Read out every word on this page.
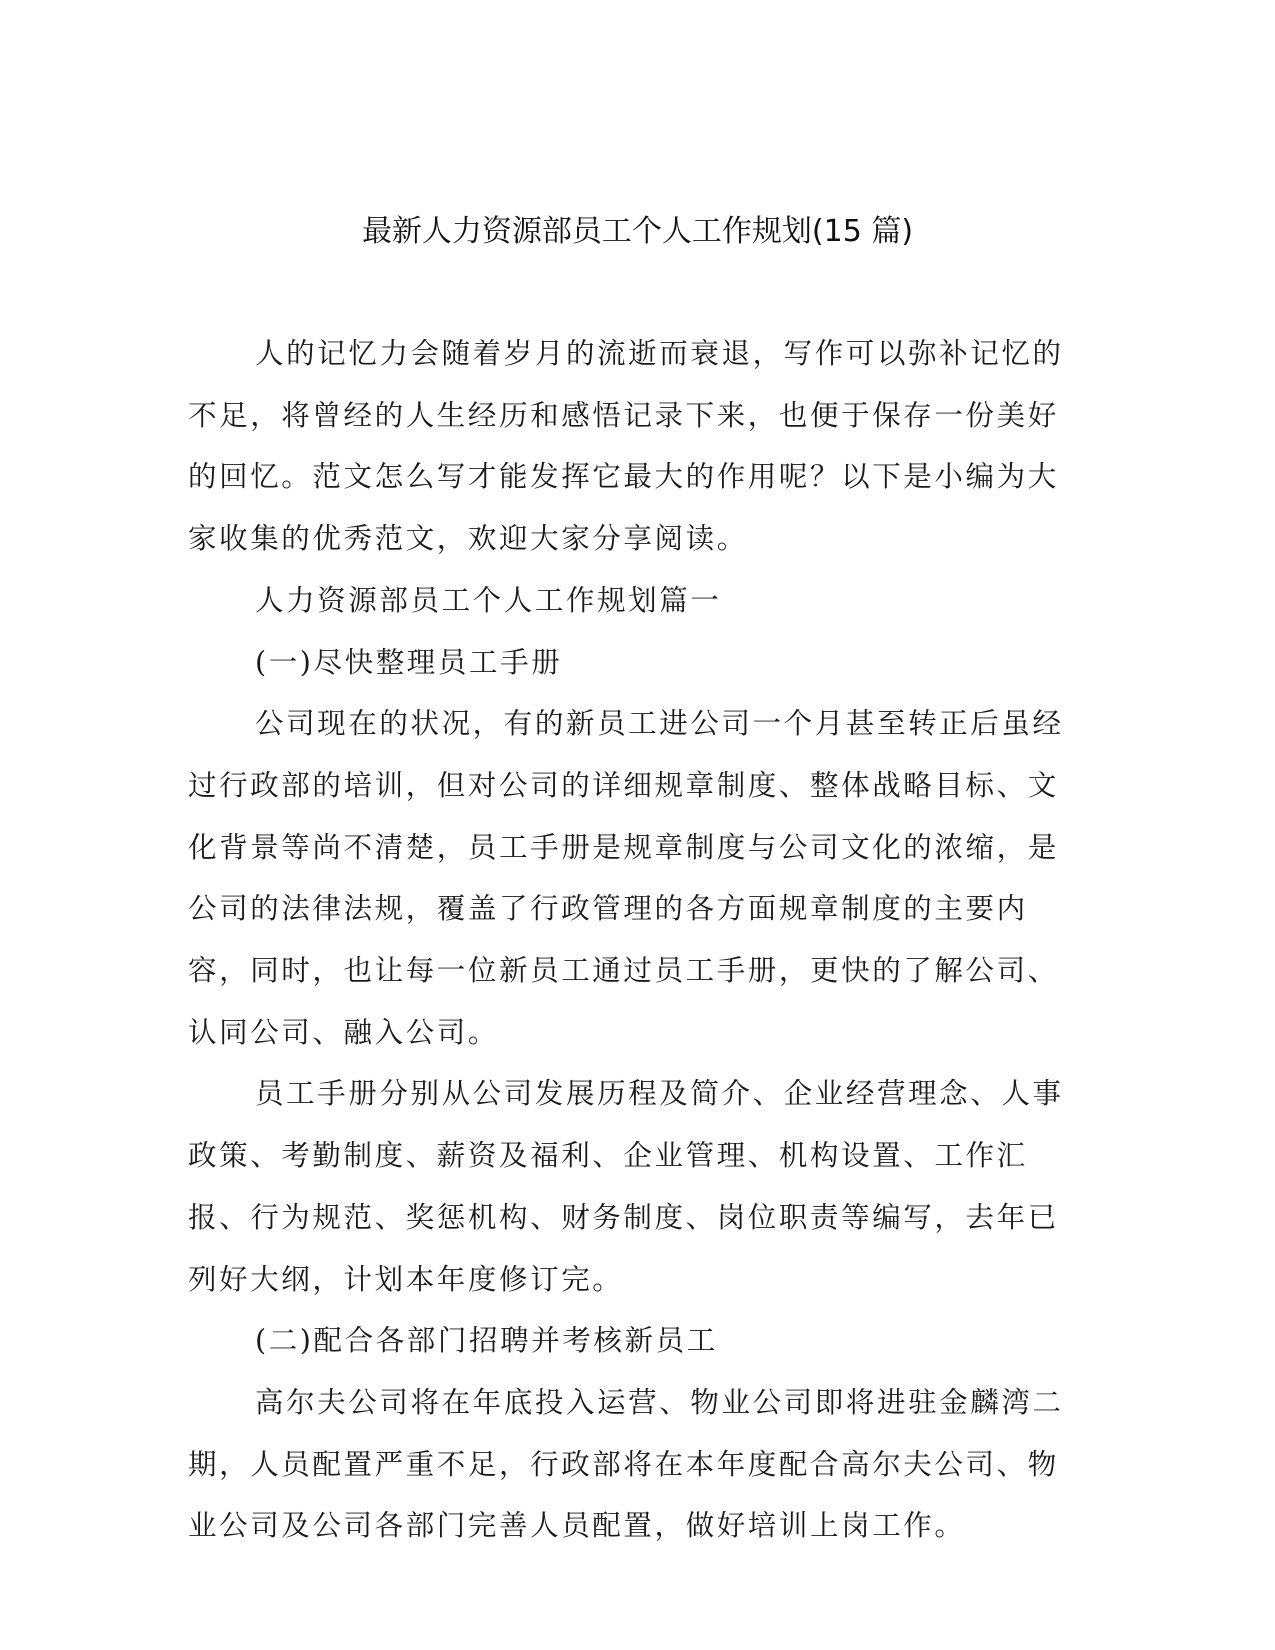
最新人力资源部员工个人工作规划(15 篇)

人的记忆力会随着岁月的流逝而衰退，写作可以弥补记忆的不足，将曾经的人生经历和感悟记录下来，也便于保存一份美好的回忆。范文怎么写才能发挥它最大的作用呢？以下是小编为大家收集的优秀范文，欢迎大家分享阅读。

人力资源部员工个人工作规划篇一

(一)尽快整理员工手册

公司现在的状况，有的新员工进公司一个月甚至转正后虽经过行政部的培训，但对公司的详细规章制度、整体战略目标、文化背景等尚不清楚，员工手册是规章制度与公司文化的浓缩，是公司的法律法规，覆盖了行政管理的各方面规章制度的主要内容，同时，也让每一位新员工通过员工手册，更快的了解公司、认同公司、融入公司。

员工手册分别从公司发展历程及简介、企业经营理念、人事政策、考勤制度、薪资及福利、企业管理、机构设置、工作汇报、行为规范、奖惩机构、财务制度、岗位职责等编写，去年已列好大纲，计划本年度修订完。

(二)配合各部门招聘并考核新员工

高尔夫公司将在年底投入运营、物业公司即将进驻金麟湾二期，人员配置严重不足，行政部将在本年度配合高尔夫公司、物业公司及公司各部门完善人员配置，做好培训上岗工作。
